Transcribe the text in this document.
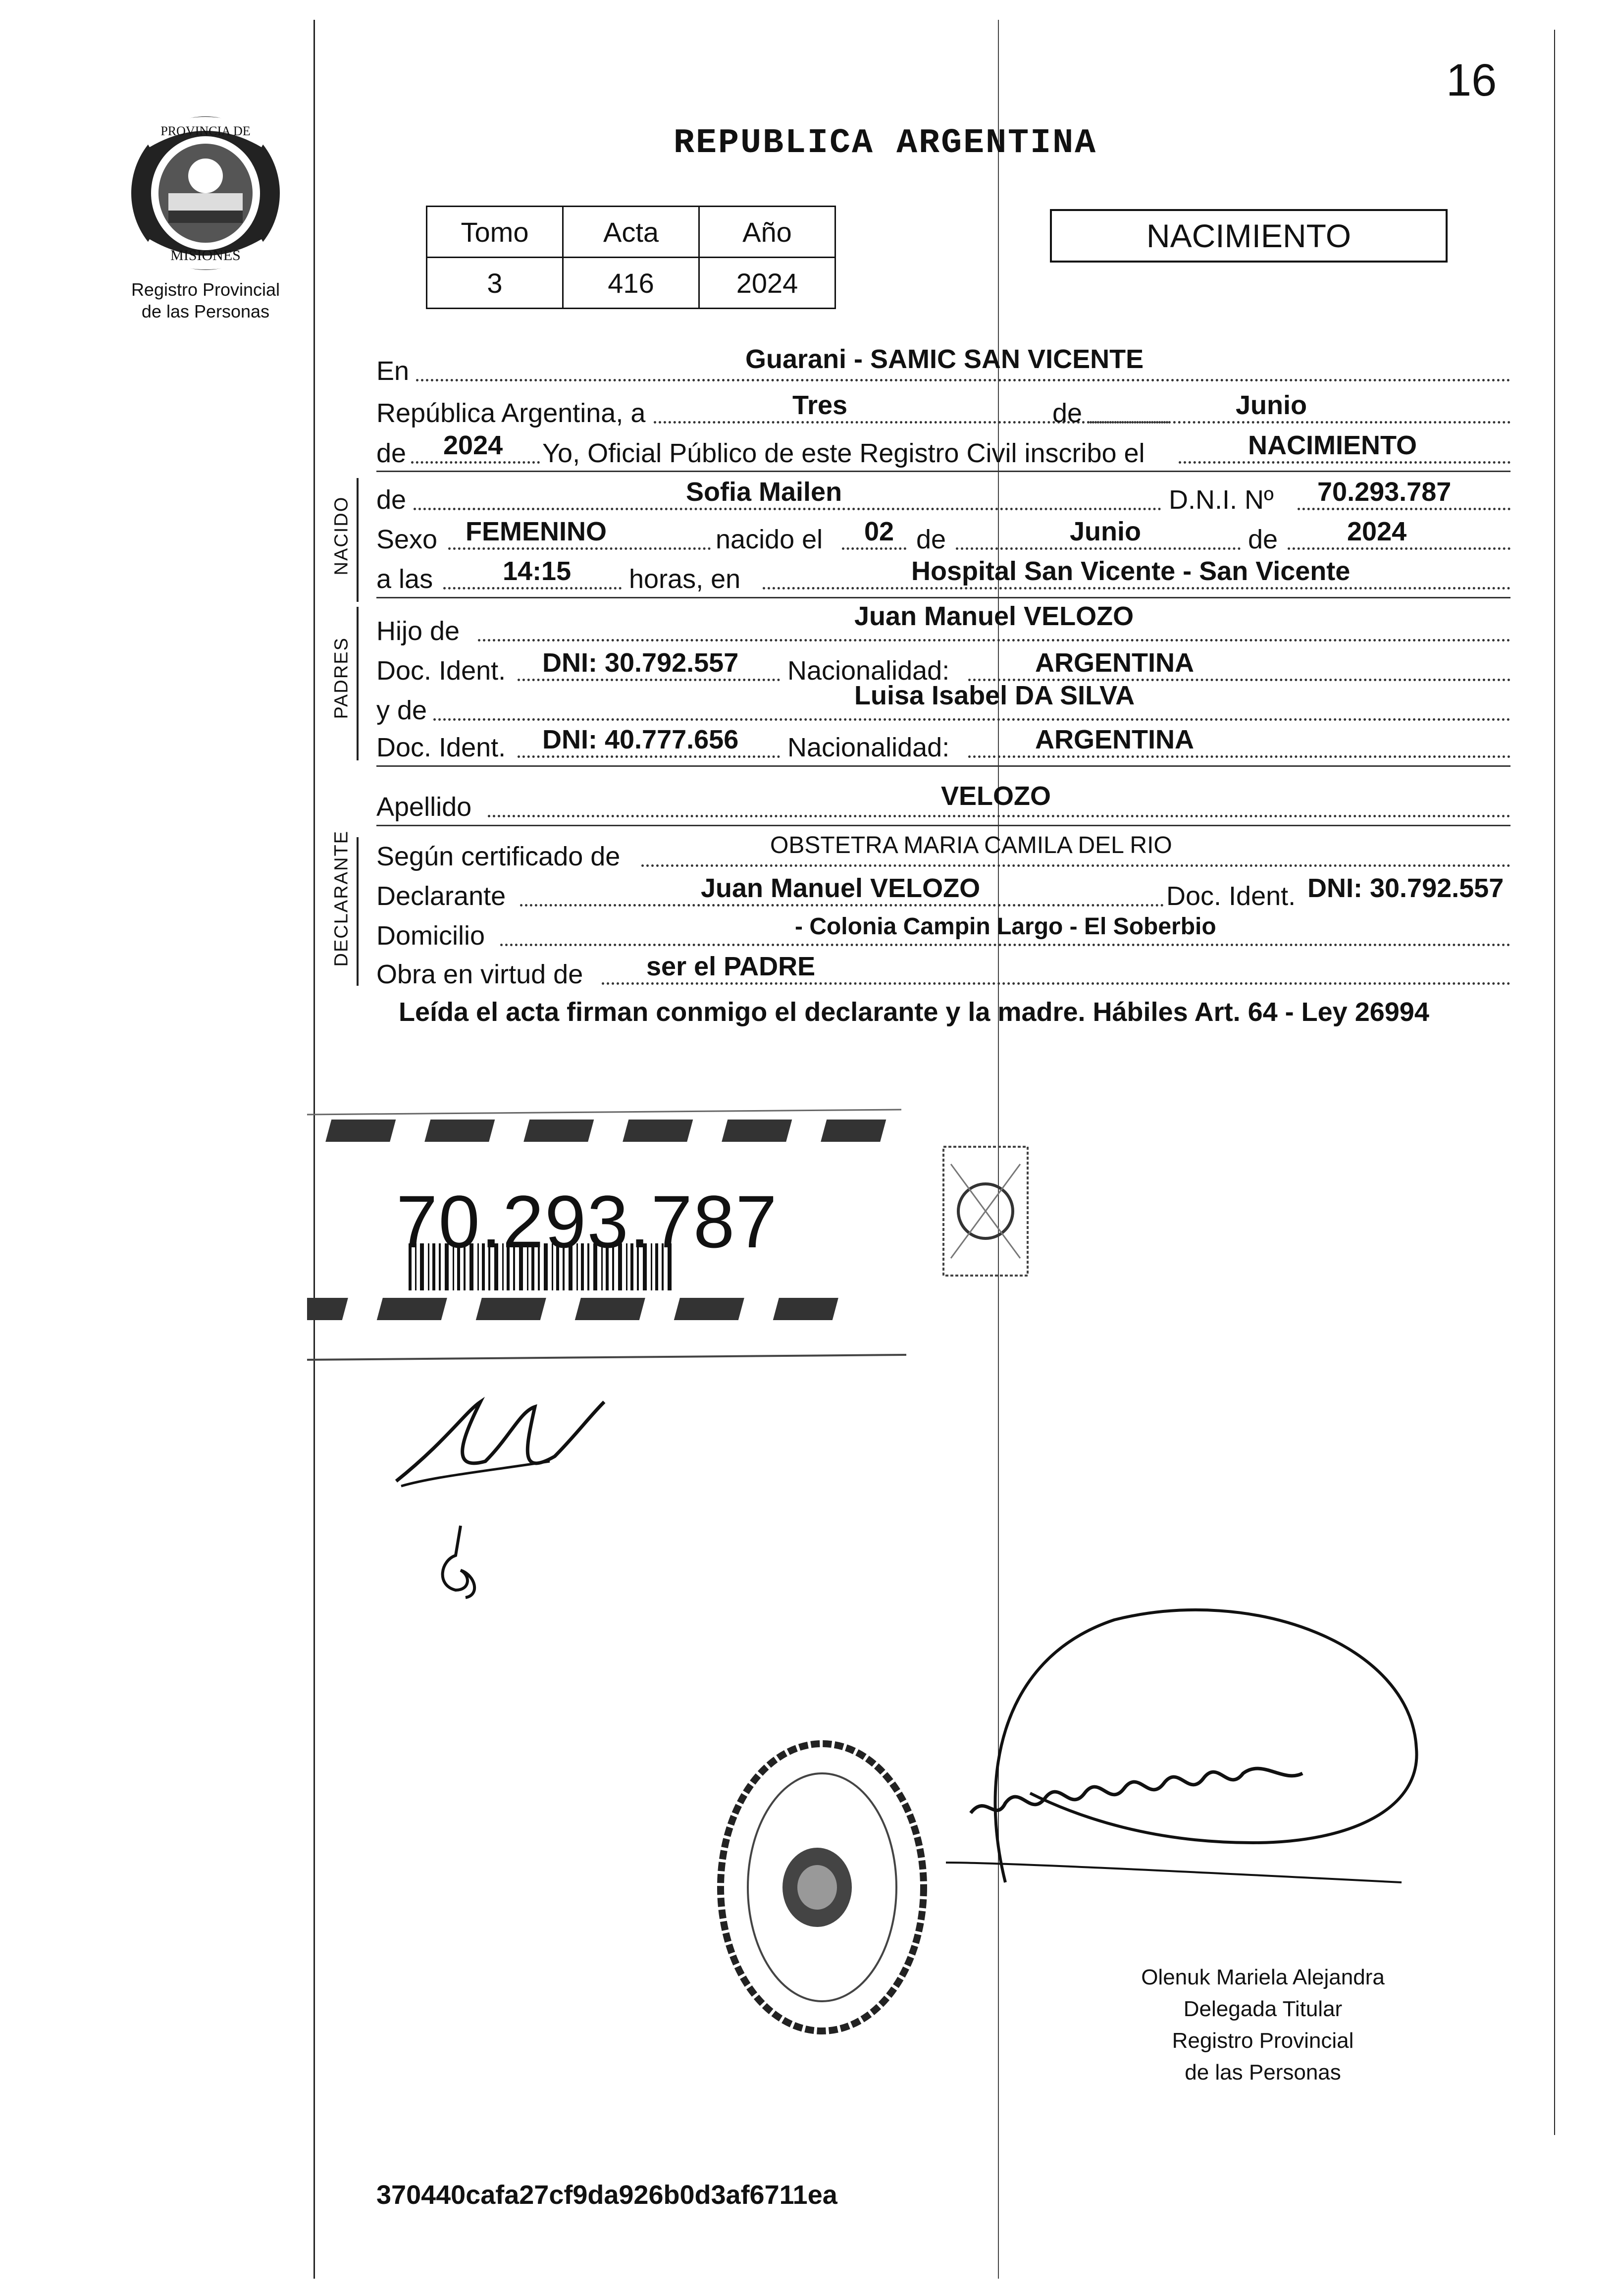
16
PROVINCIA DE
MISIONES
Registro Provincial
de las Personas
REPUBLICA ARGENTINA
Tomo	Acta	Año
3	416	2024
NACIMIENTO
En	Guarani - SAMIC SAN VICENTE
República Argentina, a	Tres	de	Junio
de 2024 Yo, Oficial Público de este Registro Civil inscribo el	NACIMIENTO
NACIDO de	Sofia Mailen	D.N.I. Nº 70.293.787
Sexo FEMENINO	nacido el 02 de	Junio	de	2024
a las	14:15 horas, en	Hospital San Vicente - San Vicente
PADRES
Hijo de	Juan Manuel VELOZO
Doc. Ident. DNI: 30.792.557 Nacionalidad:	ARGENTINA
y de	Luisa Isabel DA SILVA
Doc. Ident. DNI: 40.777.656 Nacionalidad:	ARGENTINA
Apellido	VELOZO
DECLARANTE Según certificado de	OBSTETRA MARIA CAMILA DEL RIO
Declarante	Juan Manuel VELOZO	Doc. Ident. DNI: 30.792.557
Domicilio	- Colonia Campin Largo - El Soberbio
Obra en virtud de ser el PADRE
Leída el acta firman conmigo el declarante y la madre. Hábiles Art. 64 - Ley 26994
70.293.787
Olenuk Mariela Alejandra
Delegada Titular
Registro Provincial
de las Personas
370440cafa27cf9da926b0d3af6711ea
